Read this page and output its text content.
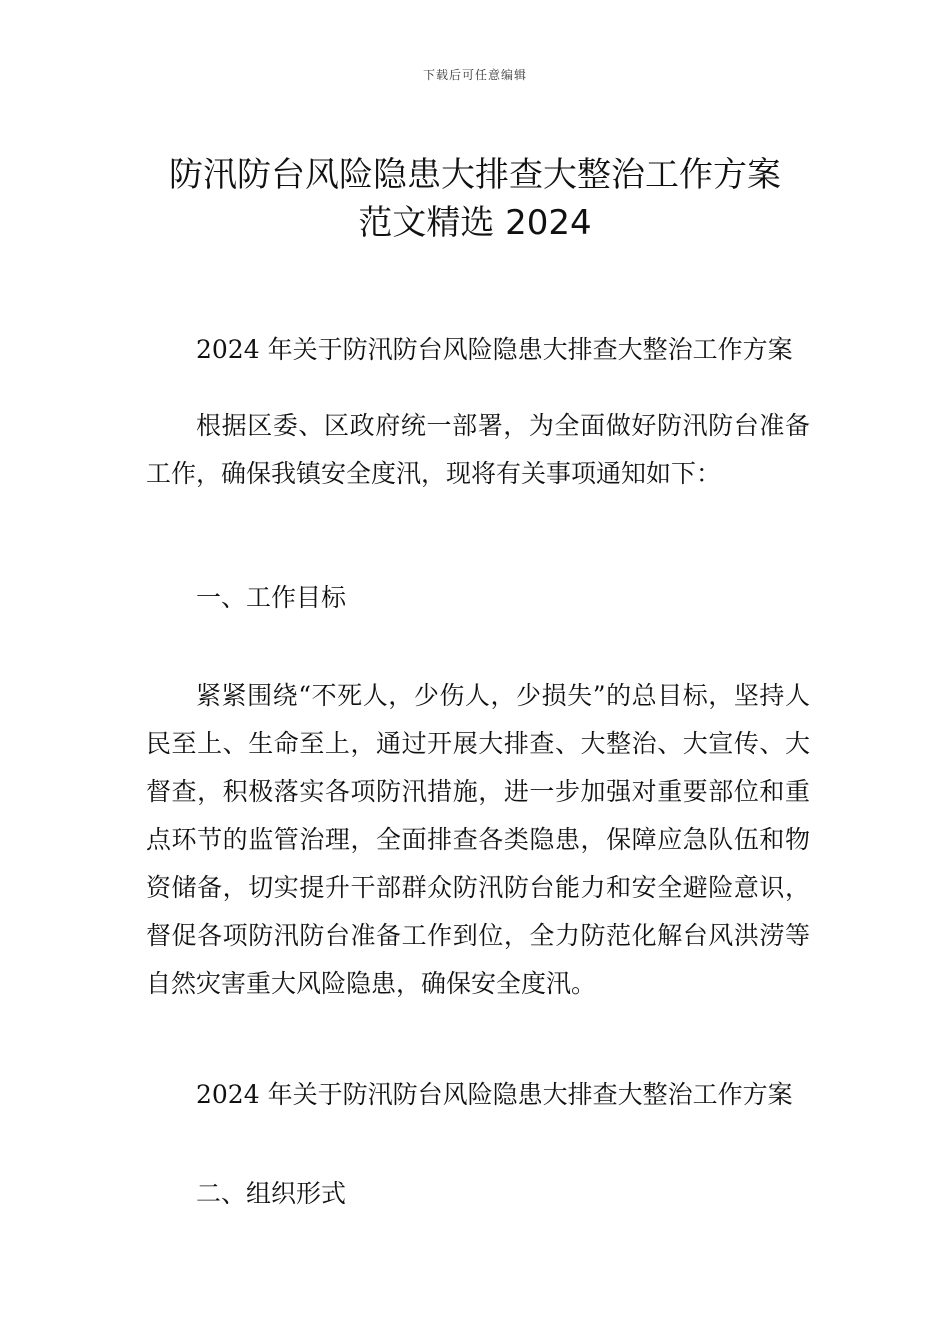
下载后可任意编辑
防汛防台风险隐患大排查大整治工作方案
范文精选 2024
2024 年关于防汛防台风险隐患大排查大整治工作方案

根据区委、区政府统一部署，为全面做好防汛防台准备工作，确保我镇安全度汛，现将有关事项通知如下：

一、工作目标

紧紧围绕“不死人，少伤人，少损失”的总目标，坚持人民至上、生命至上，通过开展大排查、大整治、大宣传、大督查，积极落实各项防汛措施，进一步加强对重要部位和重点环节的监管治理，全面排查各类隐患，保障应急队伍和物资储备，切实提升干部群众防汛防台能力和安全避险意识，督促各项防汛防台准备工作到位，全力防范化解台风洪涝等自然灾害重大风险隐患，确保安全度汛。

2024 年关于防汛防台风险隐患大排查大整治工作方案
二、组织形式
